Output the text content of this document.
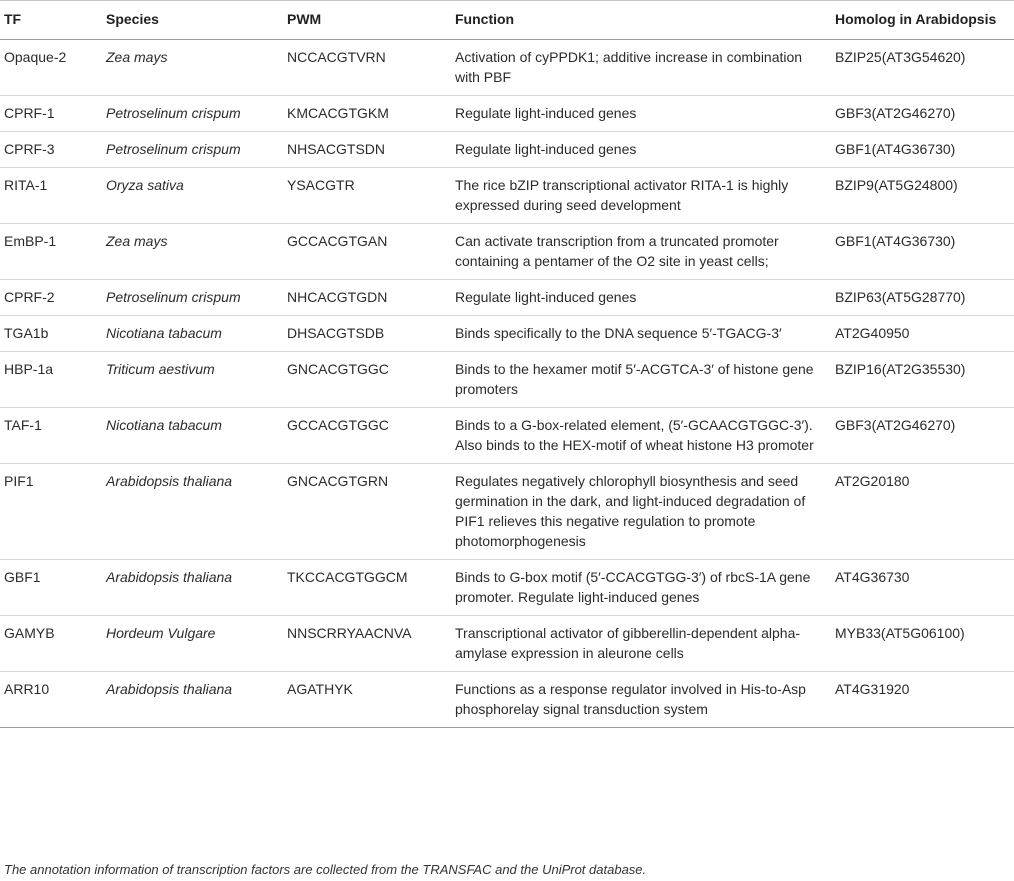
TF	Species	PWM	Function	Homolog in Arabidopsis
Opaque-2	Zea mays	NCCACGTVRN	Activation of cyPPDK1; additive increase in combination with PBF	BZIP25(AT3G54620)
CPRF-1	Petroselinum crispum	KMCACGTGKM	Regulate light-induced genes	GBF3(AT2G46270)
CPRF-3	Petroselinum crispum	NHSACGTSDN	Regulate light-induced genes	GBF1(AT4G36730)
RITA-1	Oryza sativa	YSACGTR	The rice bZIP transcriptional activator RITA-1 is highly expressed during seed development	BZIP9(AT5G24800)
EmBP-1	Zea mays	GCCACGTGAN	Can activate transcription from a truncated promoter containing a pentamer of the O2 site in yeast cells;	GBF1(AT4G36730)
CPRF-2	Petroselinum crispum	NHCACGTGDN	Regulate light-induced genes	BZIP63(AT5G28770)
TGA1b	Nicotiana tabacum	DHSACGTSDB	Binds specifically to the DNA sequence 5′-TGACG-3′	AT2G40950
HBP-1a	Triticum aestivum	GNCACGTGGC	Binds to the hexamer motif 5′-ACGTCA-3′ of histone gene promoters	BZIP16(AT2G35530)
TAF-1	Nicotiana tabacum	GCCACGTGGC	Binds to a G-box-related element, (5′-GCAACGTGGC-3′). Also binds to the HEX-motif of wheat histone H3 promoter	GBF3(AT2G46270)
PIF1	Arabidopsis thaliana	GNCACGTGRN	Regulates negatively chlorophyll biosynthesis and seed germination in the dark, and light-induced degradation of PIF1 relieves this negative regulation to promote photomorphogenesis	AT2G20180
GBF1	Arabidopsis thaliana	TKCCACGTGGCM	Binds to G-box motif (5′-CCACGTGG-3′) of rbcS-1A gene promoter. Regulate light-induced genes	AT4G36730
GAMYB	Hordeum Vulgare	NNSCRRYAACNVA	Transcriptional activator of gibberellin-dependent alpha-amylase expression in aleurone cells	MYB33(AT5G06100)
ARR10	Arabidopsis thaliana	AGATHYK	Functions as a response regulator involved in His-to-Asp phosphorelay signal transduction system	AT4G31920
The annotation information of transcription factors are collected from the TRANSFAC and the UniProt database.
